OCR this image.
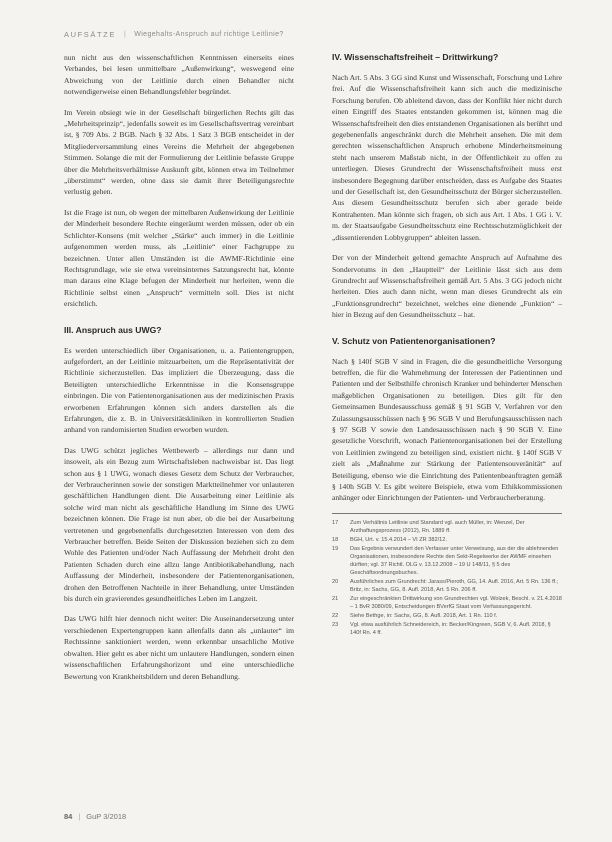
AUFSÄTZE | Wiegehalts-Anspruch auf richtige Leitlinie?

nun nicht aus den wissenschaftlichen Kenntnissen einerseits eines Verbandes, bei lesen unmittelbare „Außenwirkung“, weswegend eine Abweichung von der Leitlinie durch einen Behandler nicht notwendigerweise einen Behandlungsfehler begründet.

Im Verein obsiegt wie in der Gesellschaft bürgerlichen Rechts gilt das „Mehrheitsprinzip“, jedenfalls soweit es im Gesellschaftsvertrag vereinbart ist, § 709 Abs. 2 BGB. Nach § 32 Abs. 1 Satz 3 BGB entscheidet in der Mitgliederversammlung eines Vereins die Mehrheit der abgegebenen Stimmen. Solange die mit der Formulierung der Leitlinie befasste Gruppe über die Mehrheitsverhältnisse Auskunft gibt, können etwa im Teilnehmer „überstimmt“ werden, ohne dass sie damit ihrer Beteiligungsrechte verlustig gehen.

Ist die Frage ist nun, ob wegen der mittelbaren Außenwirkung der Leitlinie der Minderheit besondere Rechte eingeräumt werden müssen, oder ob ein Schlichter-Konsens (mit welcher „Stärke“ auch immer) in die Leitlinie aufgenommen werden muss, als „Leitlinie“ einer Fachgruppe zu bezeichnen. Unter allen Umständen ist die AWMF-Richtlinie eine Rechtsgrundlage, wie sie etwa vereinsinternes Satzungsrecht hat, könnte man daraus eine Klage befugen der Minderheit nur herleiten, wenn die Richtlinie selbst einen „Anspruch“ vermitteln soll. Dies ist nicht ersichtlich.

III. Anspruch aus UWG?

Es werden unterschiedlich über Organisationen, u. a. Patientengruppen, aufgefordert, an der Leitlinie mitzuarbeiten, um die Repräsentativität der Richtlinie sicherzustellen. Das impliziert die Überzeugung, dass die Beteiligten unterschiedliche Erkenntnisse in die Konsensgruppe einbringen. Die von Patientenorganisationen aus der medizinischen Praxis erworbenen Erfahrungen können sich anders darstellen als die Erfahrungen, die z. B. in Universitätskliniken in kontrollierten Studien anhand von randomisierten Studien erworben wurden.

Das UWG schützt jegliches Wettbewerb – allerdings nur dann und insoweit, als ein Bezug zum Wirtschaftsleben nachweisbar ist. Das liegt schon aus § 1 UWG, wonach dieses Gesetz dem Schutz der Verbraucher, der Verbraucherinnen sowie der sonstigen Marktteilnehmer vor unlauteren geschäftlichen Handlungen dient. Die Ausarbeitung einer Leitlinie als solche wird man nicht als geschäftliche Handlung im Sinne des UWG bezeichnen können. Die Frage ist nun aber, ob die bei der Ausarbeitung vertretenen und gegebenenfalls durchgesetzten Interessen von dem des Verbraucher betreffen. Beide Seiten der Diskussion beziehen sich zu dem Wohle des Patienten und/oder Nach Auffassung der Mehrheit droht den Patienten Schaden durch eine allzu lange Antibiotikabehandlung, nach Auffassung der Minderheit, insbesondere der Patientenorganisationen, drohen den Betroffenen Nachteile in ihrer Behandlung, unter Umständen bis durch ein gravierendes gesundheitliches Leben im Langzeit.

Das UWG hilft hier dennoch nicht weiter: Die Auseinandersetzung unter verschiedenen Expertengruppen kann allenfalls dann als „unlauter“ im Rechtssinne sanktioniert werden, wenn erkennbar unsachliche Motive obwalten. Hier geht es aber nicht um unlautere Handlungen, sondern einen wissenschaftlichen Erfahrungshorizont und eine unterschiedliche Bewertung von Krankheitsbildern und deren Behandlung.

IV. Wissenschaftsfreiheit – Drittwirkung?

Nach Art. 5 Abs. 3 GG sind Kunst und Wissenschaft, Forschung und Lehre frei. Auf die Wissenschaftsfreiheit kann sich auch die medizinische Forschung berufen. Ob ableitend davon, dass der Konflikt hier nicht durch einen Eingriff des Staates entstanden gekommen ist, können mag die Wissenschaftsfreiheit den dies entstandenen Organisationen als berührt und gegebenenfalls angeschränkt durch die Mehrheit ansehen. Die mit dem gerechten wissenschaftlichen Anspruch erhobene Minderheitsmeinung steht nach unserem Maßstab nicht, in der Öffentlichkeit zu offen zu unterliegen. Dieses Grundrecht der Wissenschaftsfreiheit muss erst insbesondere Begegnung darüber entscheiden, dass es Aufgabe des Staates und der Gesellschaft ist, den Gesundheitsschutz der Bürger sicherzustellen. Aus diesem Gesundheitsschutz berufen sich aber gerade beide Kontrahenten. Man könnte sich fragen, ob sich aus Art. 1 Abs. 1 GG i. V. m. der Staatsaufgabe Gesundheitsschutz eine Rechtsschutzmöglichkeit der „dissentierenden Lobbygruppen“ ableiten lassen.

Der von der Minderheit geltend gemachte Anspruch auf Aufnahme des Sondervotums in den „Hauptteil“ der Leitlinie lässt sich aus dem Grundrecht auf Wissenschaftsfreiheit gemäß Art. 5 Abs. 3 GG jedoch nicht herleiten. Dies auch dann nicht, wenn man dieses Grundrecht als ein „Funktionsgrundrecht“ bezeichnet, welches eine dienende „Funktion“ – hier in Bezug auf den Gesundheitsschutz – hat.

V. Schutz von Patientenorganisationen?

Nach § 140f SGB V sind in Fragen, die die gesundheitliche Versorgung betreffen, die für die Wahrnehmung der Interessen der Patientinnen und Patienten und der Selbsthilfe chronisch Kranker und behinderter Menschen maßgeblichen Organisationen zu beteiligen. Dies gilt für den Gemeinsamen Bundesausschuss gemäß § 91 SGB V, Verfahren vor den Zulassungsausschüssen nach § 96 SGB V und Berufungsausschüssen nach § 97 SGB V sowie den Landesausschüssen nach § 90 SGB V. Eine gesetzliche Vorschrift, wonach Patientenorganisationen bei der Erstellung von Leitlinien zwingend zu beteiligen sind, existiert nicht. § 140f SGB V zielt als „Maßnahme zur Stärkung der Patientensouveränität“ auf Beteiligung, ebenso wie die Einrichtung des Patientenbeauftragten gemäß § 140h SGB V. Es gibt weitere Beispiele, etwa vom Ethikkommissionen anhänger oder Einrichtungen der Patienten- und Verbraucherberatung.

17	Zum Verhältnis Leitlinie und Standard vgl. auch Müller, in: Wenzel, Der Arzthaftungsprozess (2012), Rn. 1889 ff.
18	BGH, Urt. v. 15.4.2014 – VI ZR 382/12.
19	Das Ergebnis verwundert den Verfasser unter Verweisung, aus der die ablehnenden Organisationen, insbesondere Rechte den Sekt-Regelwerke der AWMF einsehen dürften; vgl. 37 Richtl. OLG v. 13.12.2008 – 19 U 148/11, § 5 des Geschäftsordnungsbuches.
20	Ausführliches zum Grundrecht: Jarass/Pieroth, GG, 14. Aufl. 2016, Art. 5 Rn. 136 ff.; Britz, in: Sachs, GG, 8. Aufl. 2018, Art. 5 Rn. 206 ff.
21	Zur eingeschränkten Drittwirkung von Grundrechten vgl. Wolzek, Beschl. v. 21.4.2018 – 1 BvR 3080/09, Entscheidungen BVerfG Staat vom Verfassungsgericht.
22	Siehe Bethge, in: Sachs, GG, 8. Aufl. 2018, Art. 1 Rn. 110 f.
23	Vgl. etwa ausführlich Schneidereich, in: Becker/Kingreen, SGB V, 6. Aufl. 2018, § 140f Rn. 4 ff.
84 | GuP 3/2018
